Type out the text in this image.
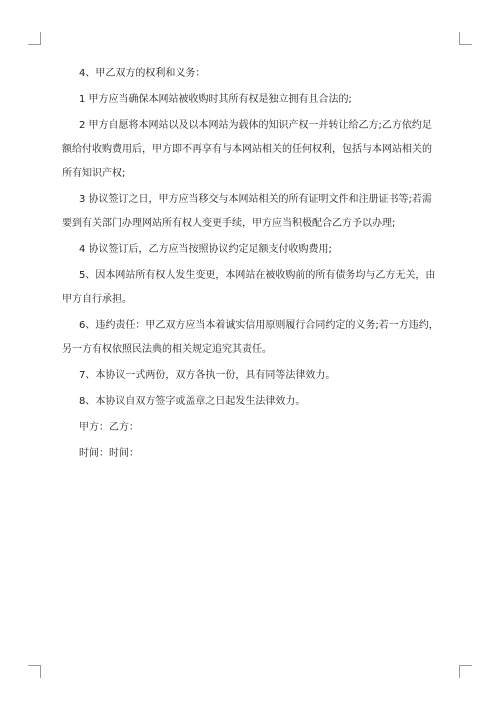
4、甲乙双方的权利和义务：

1 甲方应当确保本网站被收购时其所有权是独立拥有且合法的;

2 甲方自愿将本网站以及以本网站为载体的知识产权一并转让给乙方;乙方依约足额给付收购费用后，甲方即不再享有与本网站相关的任何权利，包括与本网站相关的所有知识产权;

3 协议签订之日，甲方应当移交与本网站相关的所有证明文件和注册证书等;若需要到有关部门办理网站所有权人变更手续，甲方应当积极配合乙方予以办理;

4 协议签订后，乙方应当按照协议约定足额支付收购费用;

5、因本网站所有权人发生变更，本网站在被收购前的所有债务均与乙方无关，由甲方自行承担。

6、违约责任：甲乙双方应当本着诚实信用原则履行合同约定的义务;若一方违约，另一方有权依照民法典的相关规定追究其责任。

7、本协议一式两份，双方各执一份，具有同等法律效力。

8、本协议自双方签字或盖章之日起发生法律效力。

甲方：乙方：

时间：时间：
